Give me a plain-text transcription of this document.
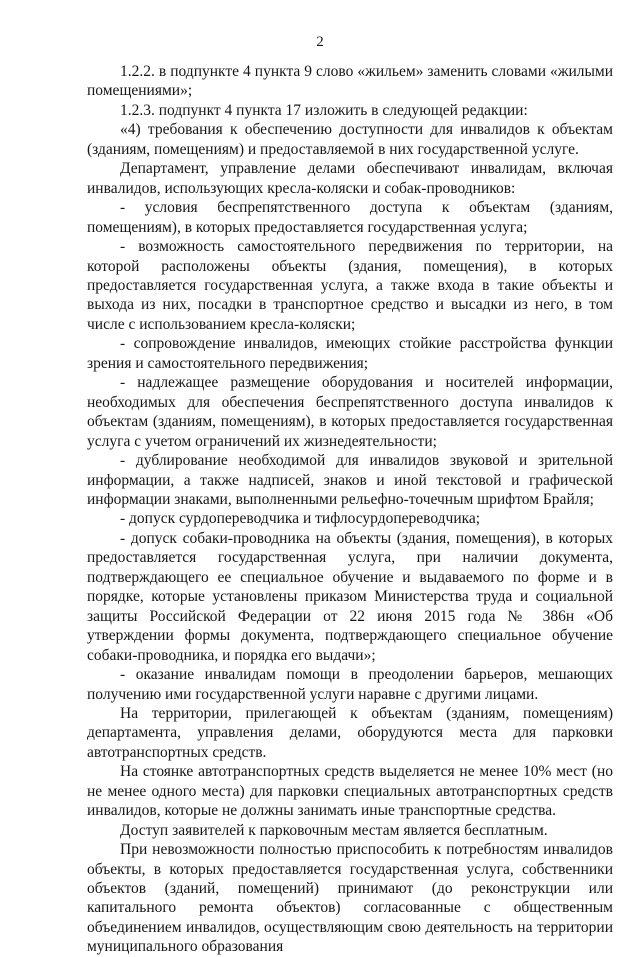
2

1.2.2. в подпункте 4 пункта 9 слово «жильем» заменить словами «жилыми помещениями»;

1.2.3. подпункт 4 пункта 17 изложить в следующей редакции:

«4) требования к обеспечению доступности для инвалидов к объектам (зданиям, помещениям) и предоставляемой в них государственной услуге.

Департамент, управление делами обеспечивают инвалидам, включая инвалидов, использующих кресла-коляски и собак-проводников:

- условия беспрепятственного доступа к объектам (зданиям, помещениям), в которых предоставляется государственная услуга;

- возможность самостоятельного передвижения по территории, на которой расположены объекты (здания, помещения), в которых предоставляется государственная услуга, а также входа в такие объекты и выхода из них, посадки в транспортное средство и высадки из него, в том числе с использованием кресла-коляски;

- сопровождение инвалидов, имеющих стойкие расстройства функции зрения и самостоятельного передвижения;

- надлежащее размещение оборудования и носителей информации, необходимых для обеспечения беспрепятственного доступа инвалидов к объектам (зданиям, помещениям), в которых предоставляется государственная услуга с учетом ограничений их жизнедеятельности;

- дублирование необходимой для инвалидов звуковой и зрительной информации, а также надписей, знаков и иной текстовой и графической информации знаками, выполненными рельефно-точечным шрифтом Брайля;

- допуск сурдопереводчика и тифлосурдопереводчика;

- допуск собаки-проводника на объекты (здания, помещения), в которых предоставляется государственная услуга, при наличии документа, подтверждающего ее специальное обучение и выдаваемого по форме и в порядке, которые установлены приказом Министерства труда и социальной защиты Российской Федерации от 22 июня 2015 года № 386н «Об утверждении формы документа, подтверждающего специальное обучение собаки-проводника, и порядка его выдачи»;

- оказание инвалидам помощи в преодолении барьеров, мешающих получению ими государственной услуги наравне с другими лицами.

На территории, прилегающей к объектам (зданиям, помещениям) департамента, управления делами, оборудуются места для парковки автотранспортных средств.

На стоянке автотранспортных средств выделяется не менее 10% мест (но не менее одного места) для парковки специальных автотранспортных средств инвалидов, которые не должны занимать иные транспортные средства.

Доступ заявителей к парковочным местам является бесплатным.

При невозможности полностью приспособить к потребностям инвалидов объекты, в которых предоставляется государственная услуга, собственники объектов (зданий, помещений) принимают (до реконструкции или капитального ремонта объектов) согласованные с общественным объединением инвалидов, осуществляющим свою деятельность на территории муниципального образования
